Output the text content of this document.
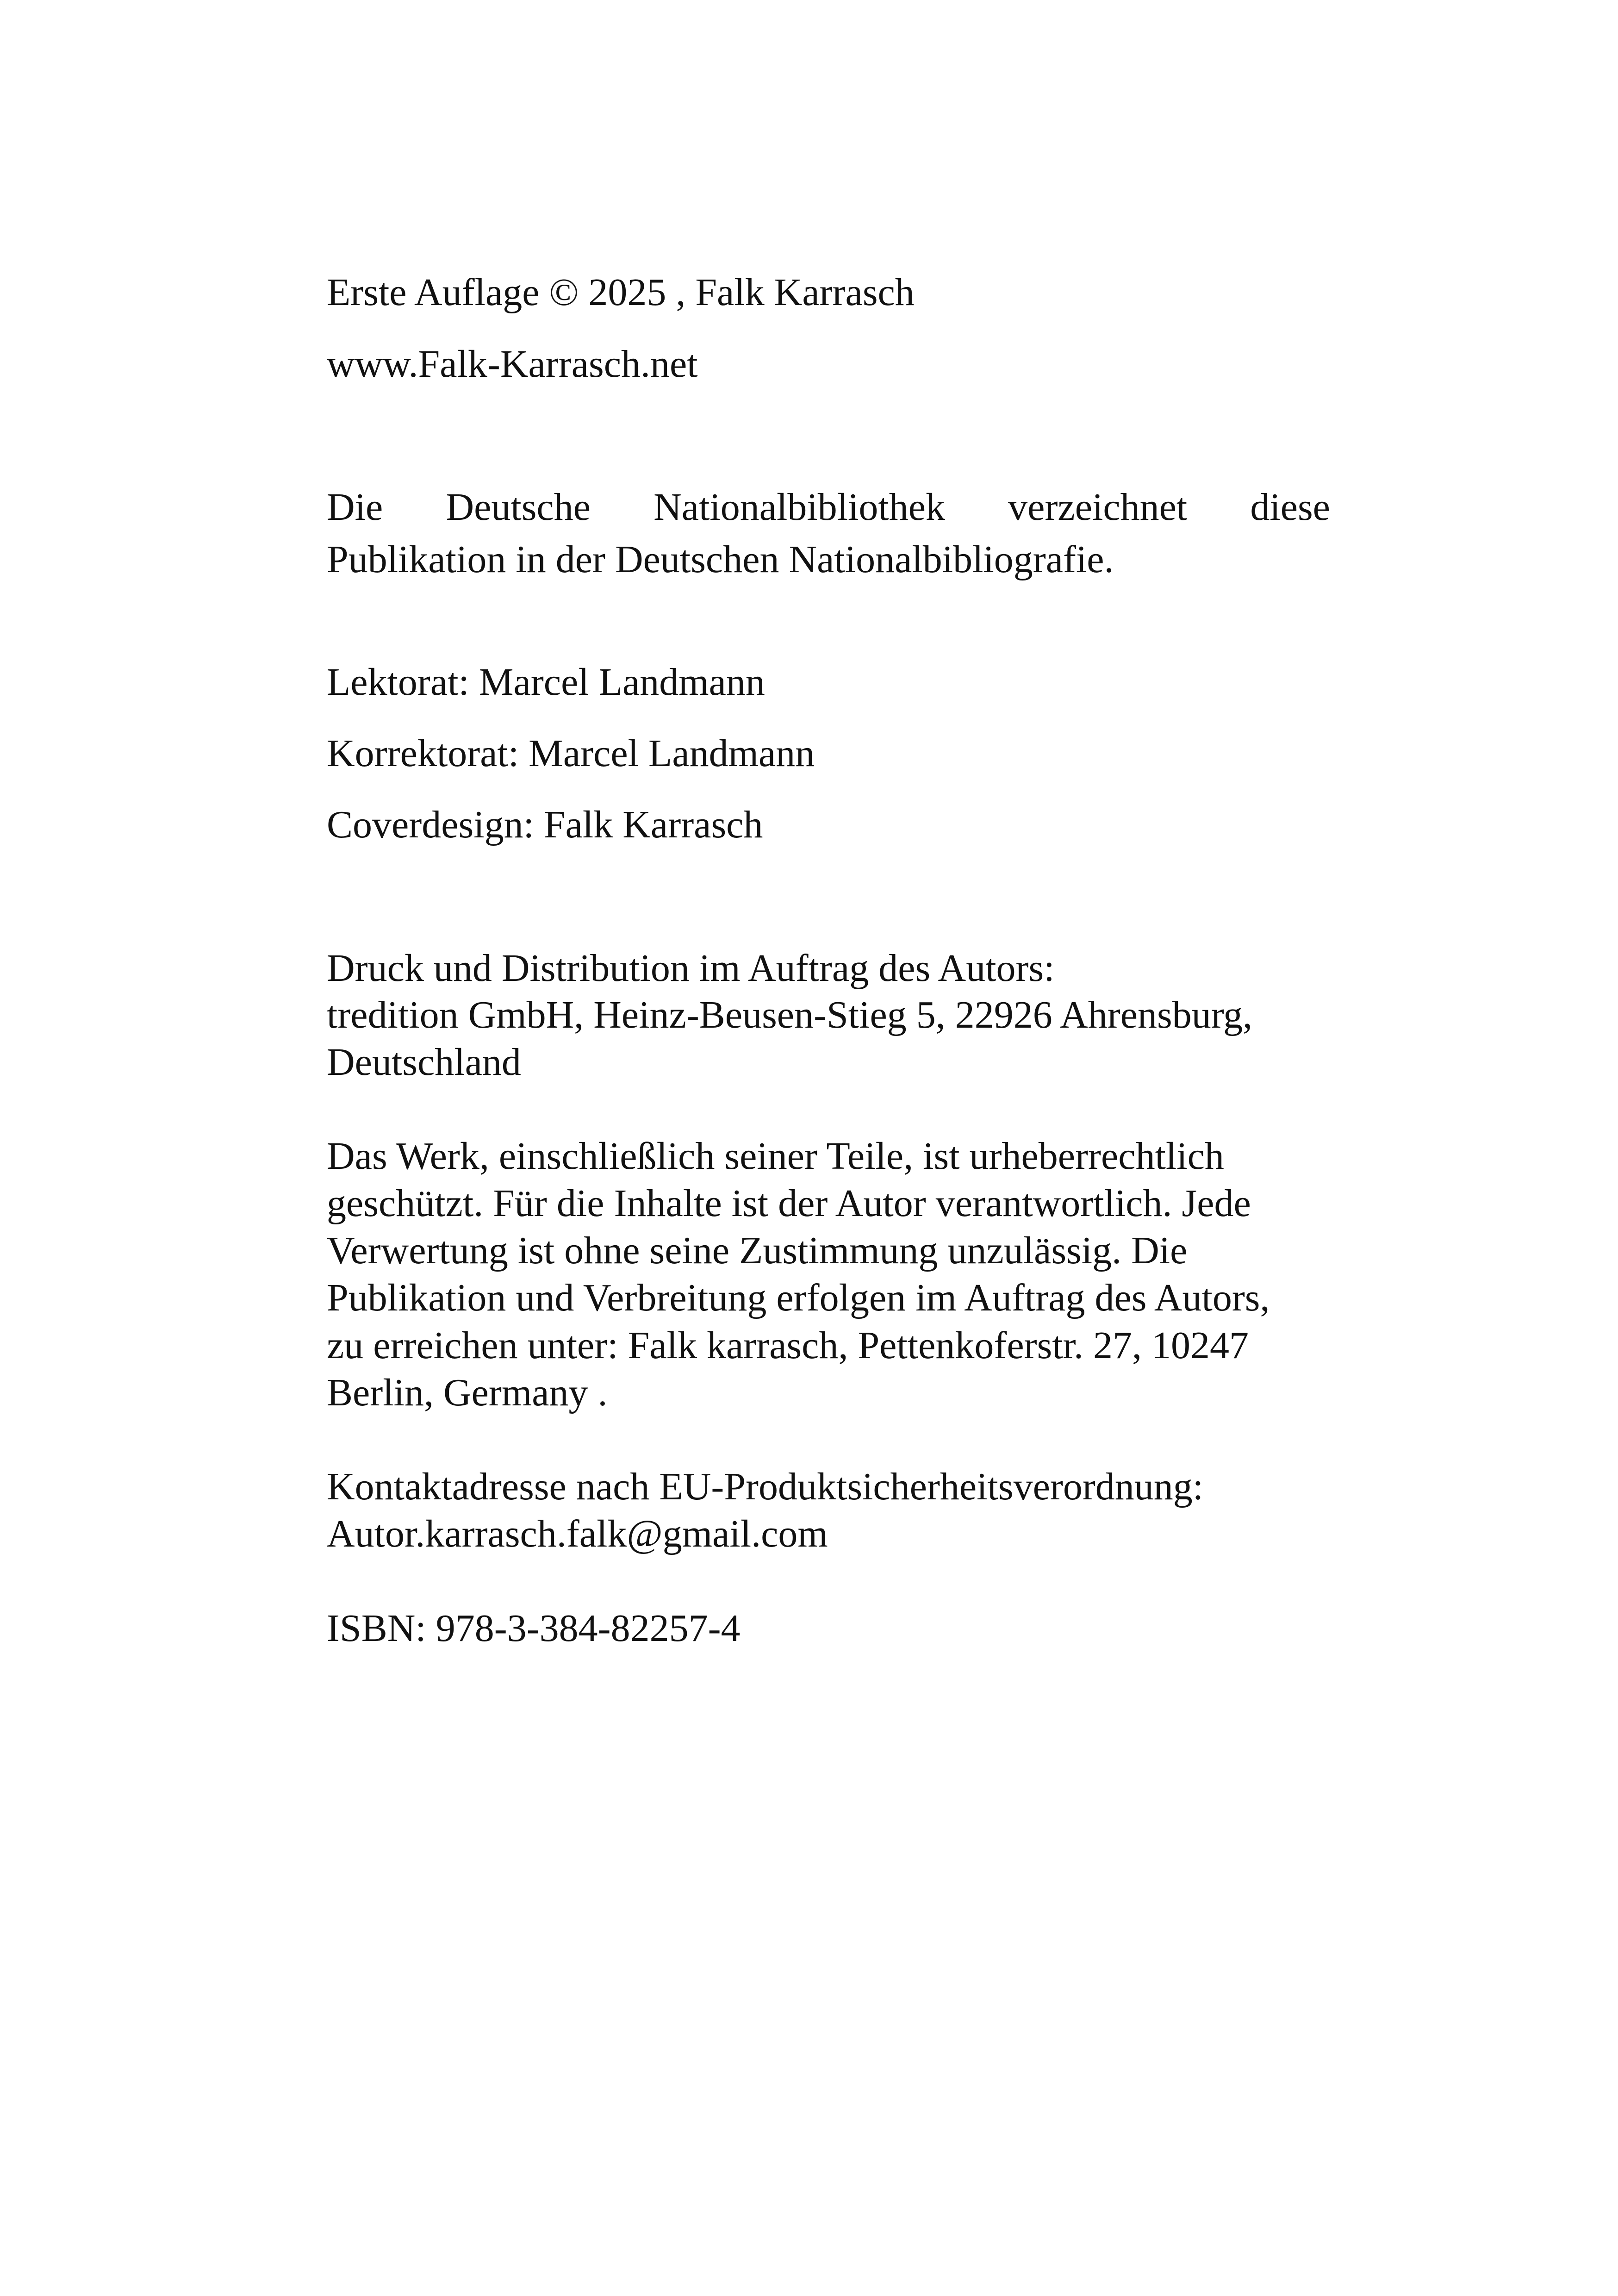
Erste Auflage © 2025 , Falk Karrasch
www.Falk-Karrasch.net
Die Deutsche Nationalbibliothek verzeichnet diese
Publikation in der Deutschen Nationalbibliografie.
Lektorat: Marcel Landmann
Korrektorat: Marcel Landmann
Coverdesign: Falk Karrasch
Druck und Distribution im Auftrag des Autors:
tredition GmbH, Heinz-Beusen-Stieg 5, 22926 Ahrensburg,
Deutschland
Das Werk, einschließlich seiner Teile, ist urheberrechtlich
geschützt. Für die Inhalte ist der Autor verantwortlich. Jede
Verwertung ist ohne seine Zustimmung unzulässig. Die
Publikation und Verbreitung erfolgen im Auftrag des Autors,
zu erreichen unter: Falk karrasch, Pettenkoferstr. 27, 10247
Berlin, Germany .
Kontaktadresse nach EU-Produktsicherheitsverordnung:
Autor.karrasch.falk@gmail.com
ISBN: 978-3-384-82257-4
